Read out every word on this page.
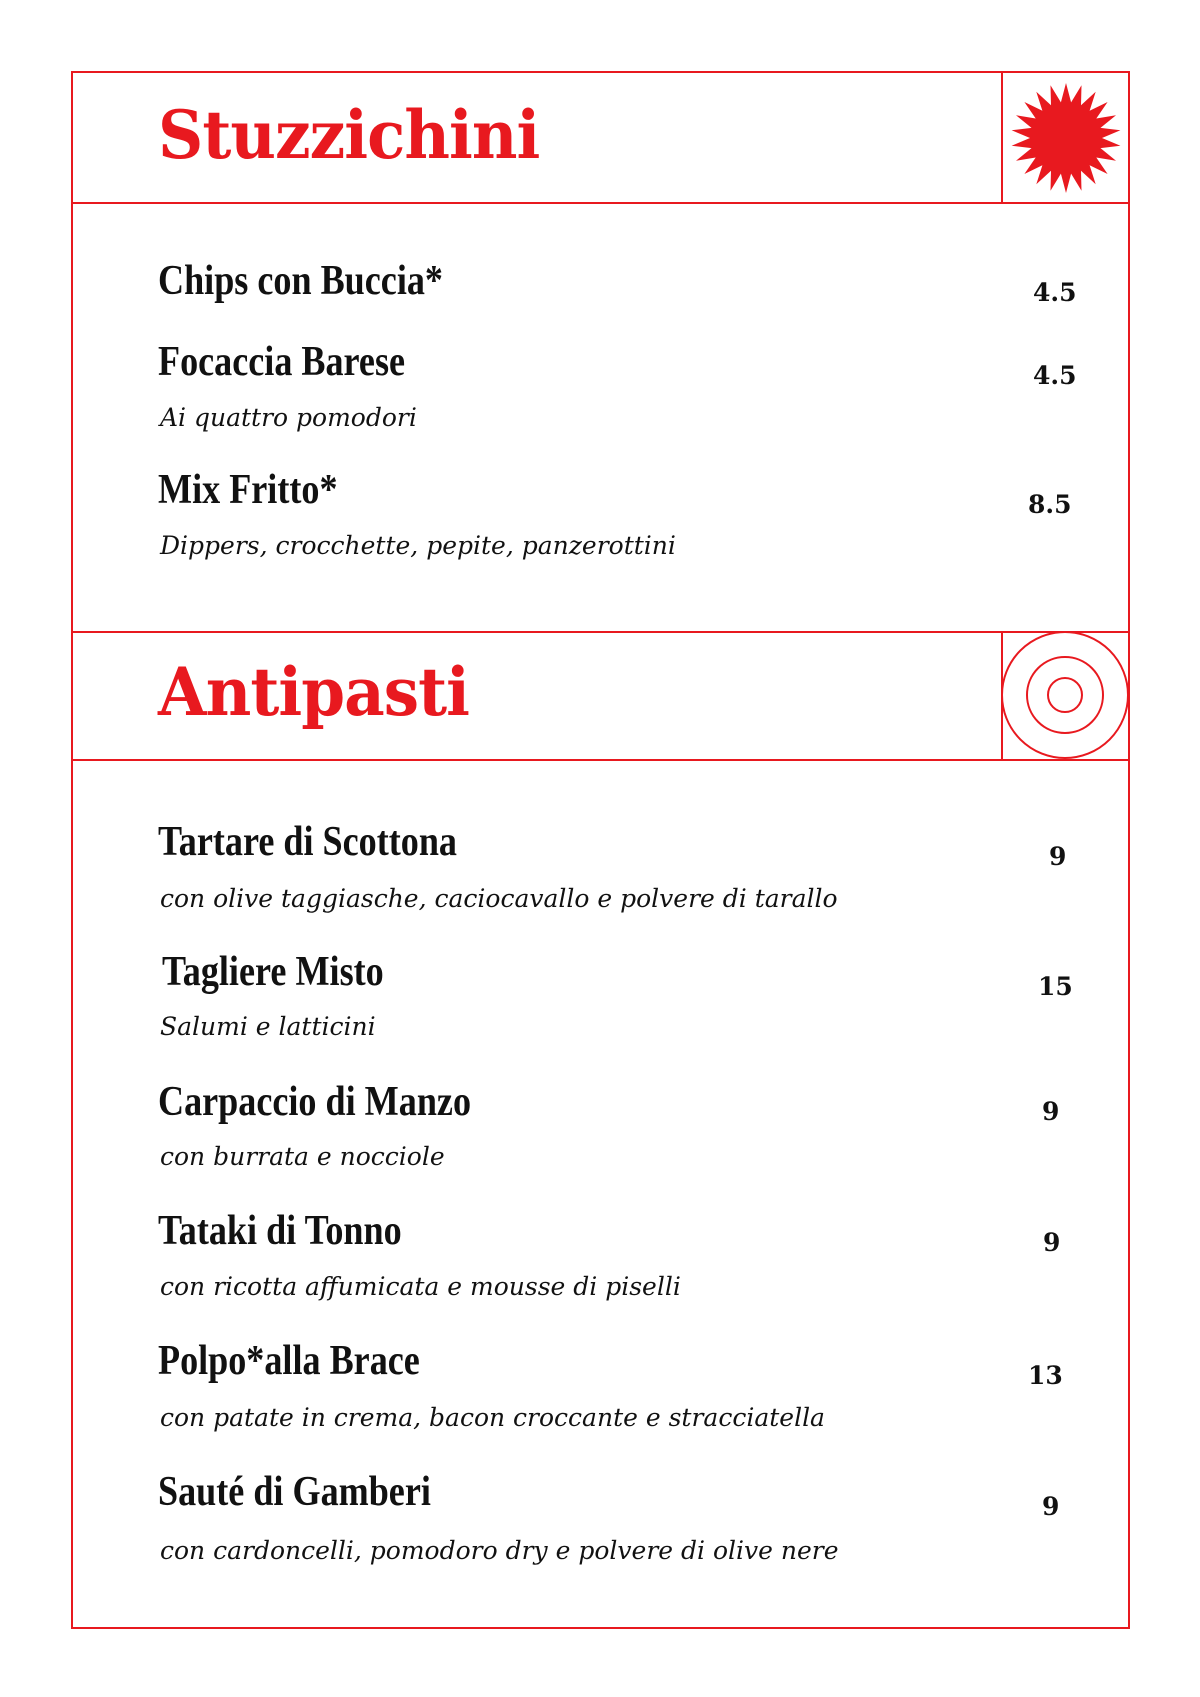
Stuzzichini
Chips con Buccia*	4.5

Focaccia Barese

Ai quattro pomodori

4.5

Mix Fritto*

Dippers, crocchette, pepite, panzerottini

8.5

Antipasti
Tartare di Scottona

con olive taggiasche, caciocavallo e polvere di tarallo

9

Tagliere Misto

Salumi e latticini

15

Carpaccio di Manzo

con burrata e nocciole

9

Tataki di Tonno

con ricotta affumicata e mousse di piselli

9

Polpo*alla Brace

con patate in crema, bacon croccante e stracciatella

13

Sauté di Gamberi

con cardoncelli, pomodoro dry e polvere di olive nere

9
